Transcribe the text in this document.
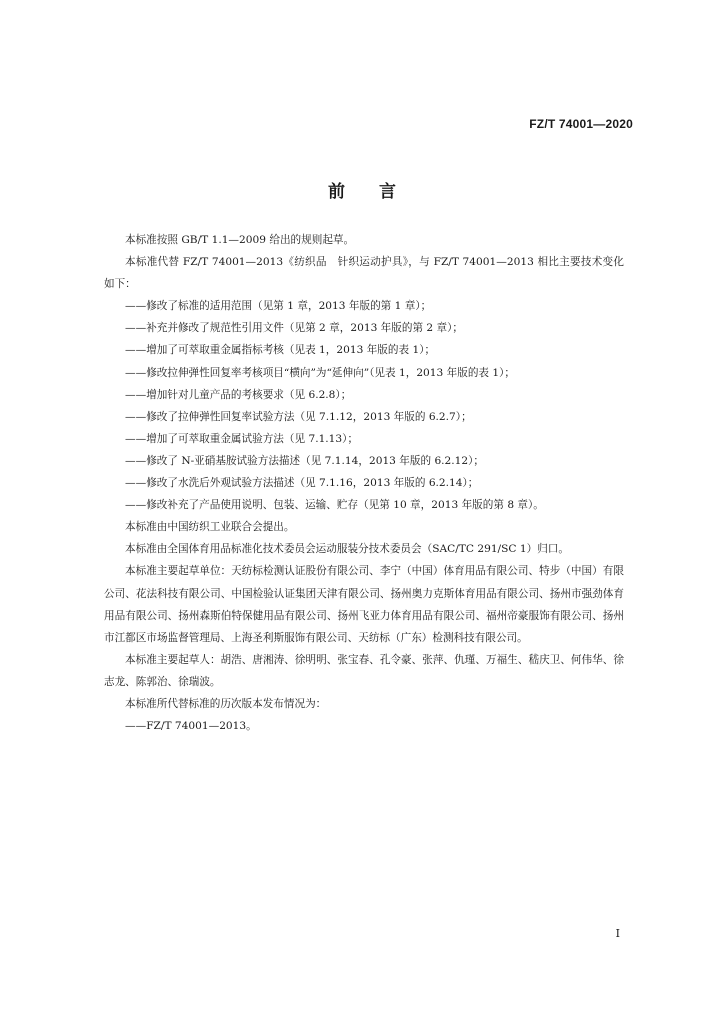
FZ/T 74001—2020
前言

本标准按照 GB/T 1.1—2009 给出的规则起草。

本标准代替 FZ/T 74001—2013《纺织品　针织运动护具》，与 FZ/T 74001—2013 相比主要技术变化如下：

——修改了标准的适用范围（见第 1 章，2013 年版的第 1 章）；

——补充并修改了规范性引用文件（见第 2 章，2013 年版的第 2 章）；

——增加了可萃取重金属指标考核（见表 1，2013 年版的表 1）；

——修改拉伸弹性回复率考核项目“横向”为“延伸向”（见表 1，2013 年版的表 1）；

——增加针对儿童产品的考核要求（见 6.2.8）；

——修改了拉伸弹性回复率试验方法（见 7.1.12，2013 年版的 6.2.7）；

——增加了可萃取重金属试验方法（见 7.1.13）；

——修改了 N-亚硝基胺试验方法描述（见 7.1.14，2013 年版的 6.2.12）；

——修改了水洗后外观试验方法描述（见 7.1.16，2013 年版的 6.2.14）；

——修改补充了产品使用说明、包装、运输、贮存（见第 10 章，2013 年版的第 8 章）。

本标准由中国纺织工业联合会提出。

本标准由全国体育用品标准化技术委员会运动服装分技术委员会（SAC/TC 291/SC 1）归口。

本标准主要起草单位：天纺标检测认证股份有限公司、李宁（中国）体育用品有限公司、特步（中国）有限公司、花法科技有限公司、中国检验认证集团天津有限公司、扬州奥力克斯体育用品有限公司、扬州市强劲体育用品有限公司、扬州森斯伯特保健用品有限公司、扬州飞亚力体育用品有限公司、福州帝豪服饰有限公司、扬州市江都区市场监督管理局、上海圣利斯服饰有限公司、天纺标（广东）检测科技有限公司。

本标准主要起草人：胡浩、唐湘涛、徐明明、张宝春、孔令豪、张萍、仇瑾、万福生、嵇庆卫、何伟华、徐志龙、陈郭治、徐瑞波。

本标准所代替标准的历次版本发布情况为：

——FZ/T 74001—2013。

I
